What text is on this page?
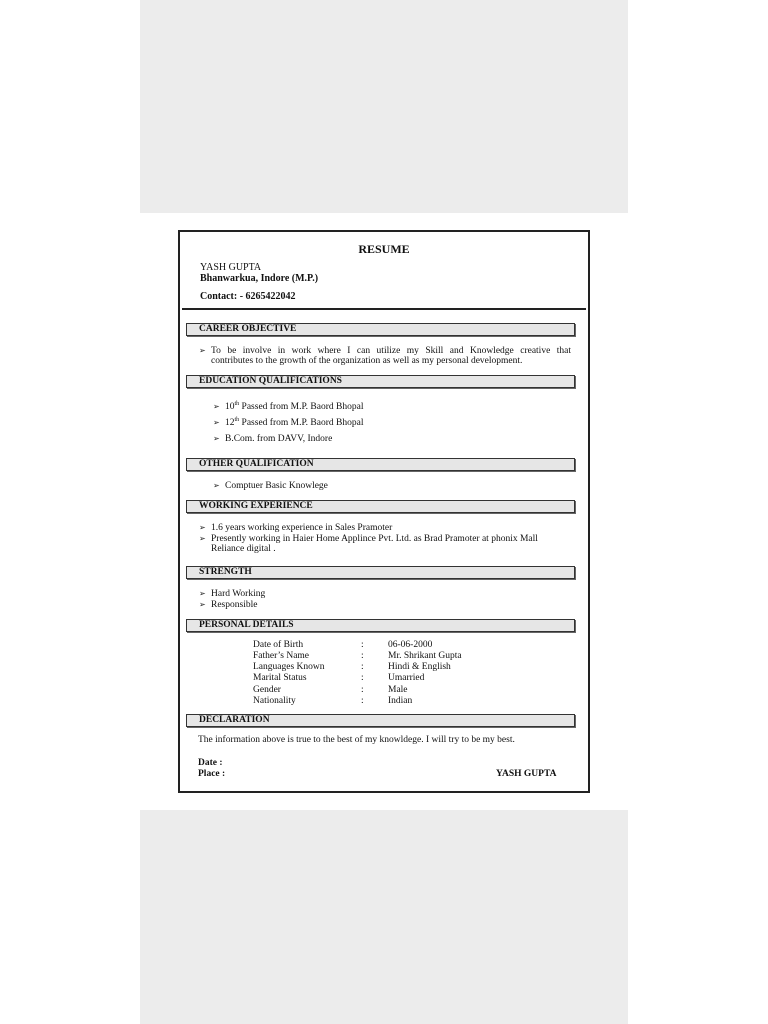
RESUME
YASH GUPTA
Bhanwarkua, Indore (M.P.)
Contact: - 6265422042
CAREER OBJECTIVE
➢ To be involve in work where I can utilize my Skill and Knowledge creative that
contributes to the growth of the organization as well as my personal development.
EDUCATION QUALIFICATIONS
➢ 10th Passed from M.P. Baord Bhopal
➢ 12th Passed from M.P. Baord Bhopal
➢ B.Com. from DAVV, Indore
OTHER QUALIFICATION
➢ Comptuer Basic Knowlege
WORKING EXPERIENCE
➢ 1.6 years working experience in Sales Pramoter
➢ Presently working in Haier Home Applince Pvt. Ltd. as Brad Pramoter at phonix Mall
Reliance digital .
STRENGTH
➢ Hard Working
➢ Responsible
PERSONAL DETAILS
Date of Birth	:	06-06-2000
Father’s Name	:	Mr. Shrikant Gupta
Languages Known	:	Hindi & English
Marital Status	:	Umarried
Gender	:	Male
Nationality	:	Indian
DECLARATION
The information above is true to the best of my knowldege. I will try to be my best.
Date :
Place :	YASH GUPTA
